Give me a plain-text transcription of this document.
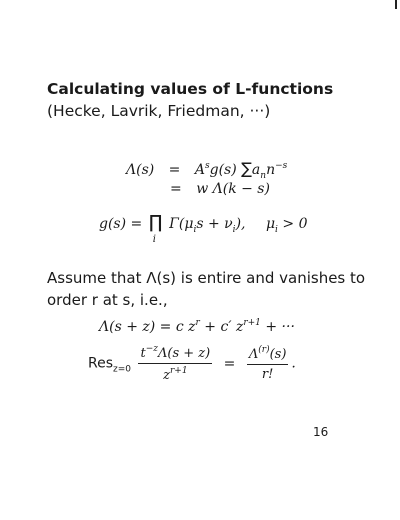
Calculating values of L-functions (Hecke, Lavrik, Friedman, ···)
$\Lambda(s) = A^sg(s)$ $\sum a_nn^{-s}$
= w Λ(k − s)
g(s) = ∏
i
$\Gamma(\mu_is + \nu_i)$, $\mu_i > 0$
Assume that Λ(s) is entire and vanishes to order r at s, i.e.,
Λ(s + z) = c $z^r + c'$ $z^{r+1}$ + ···
$Res_{z=0} \frac{t^{-z}\Lambda(s + z)}{z^{r+1}} = \frac{\Lambda^{(r)}(s)}{r!}$ .
16
